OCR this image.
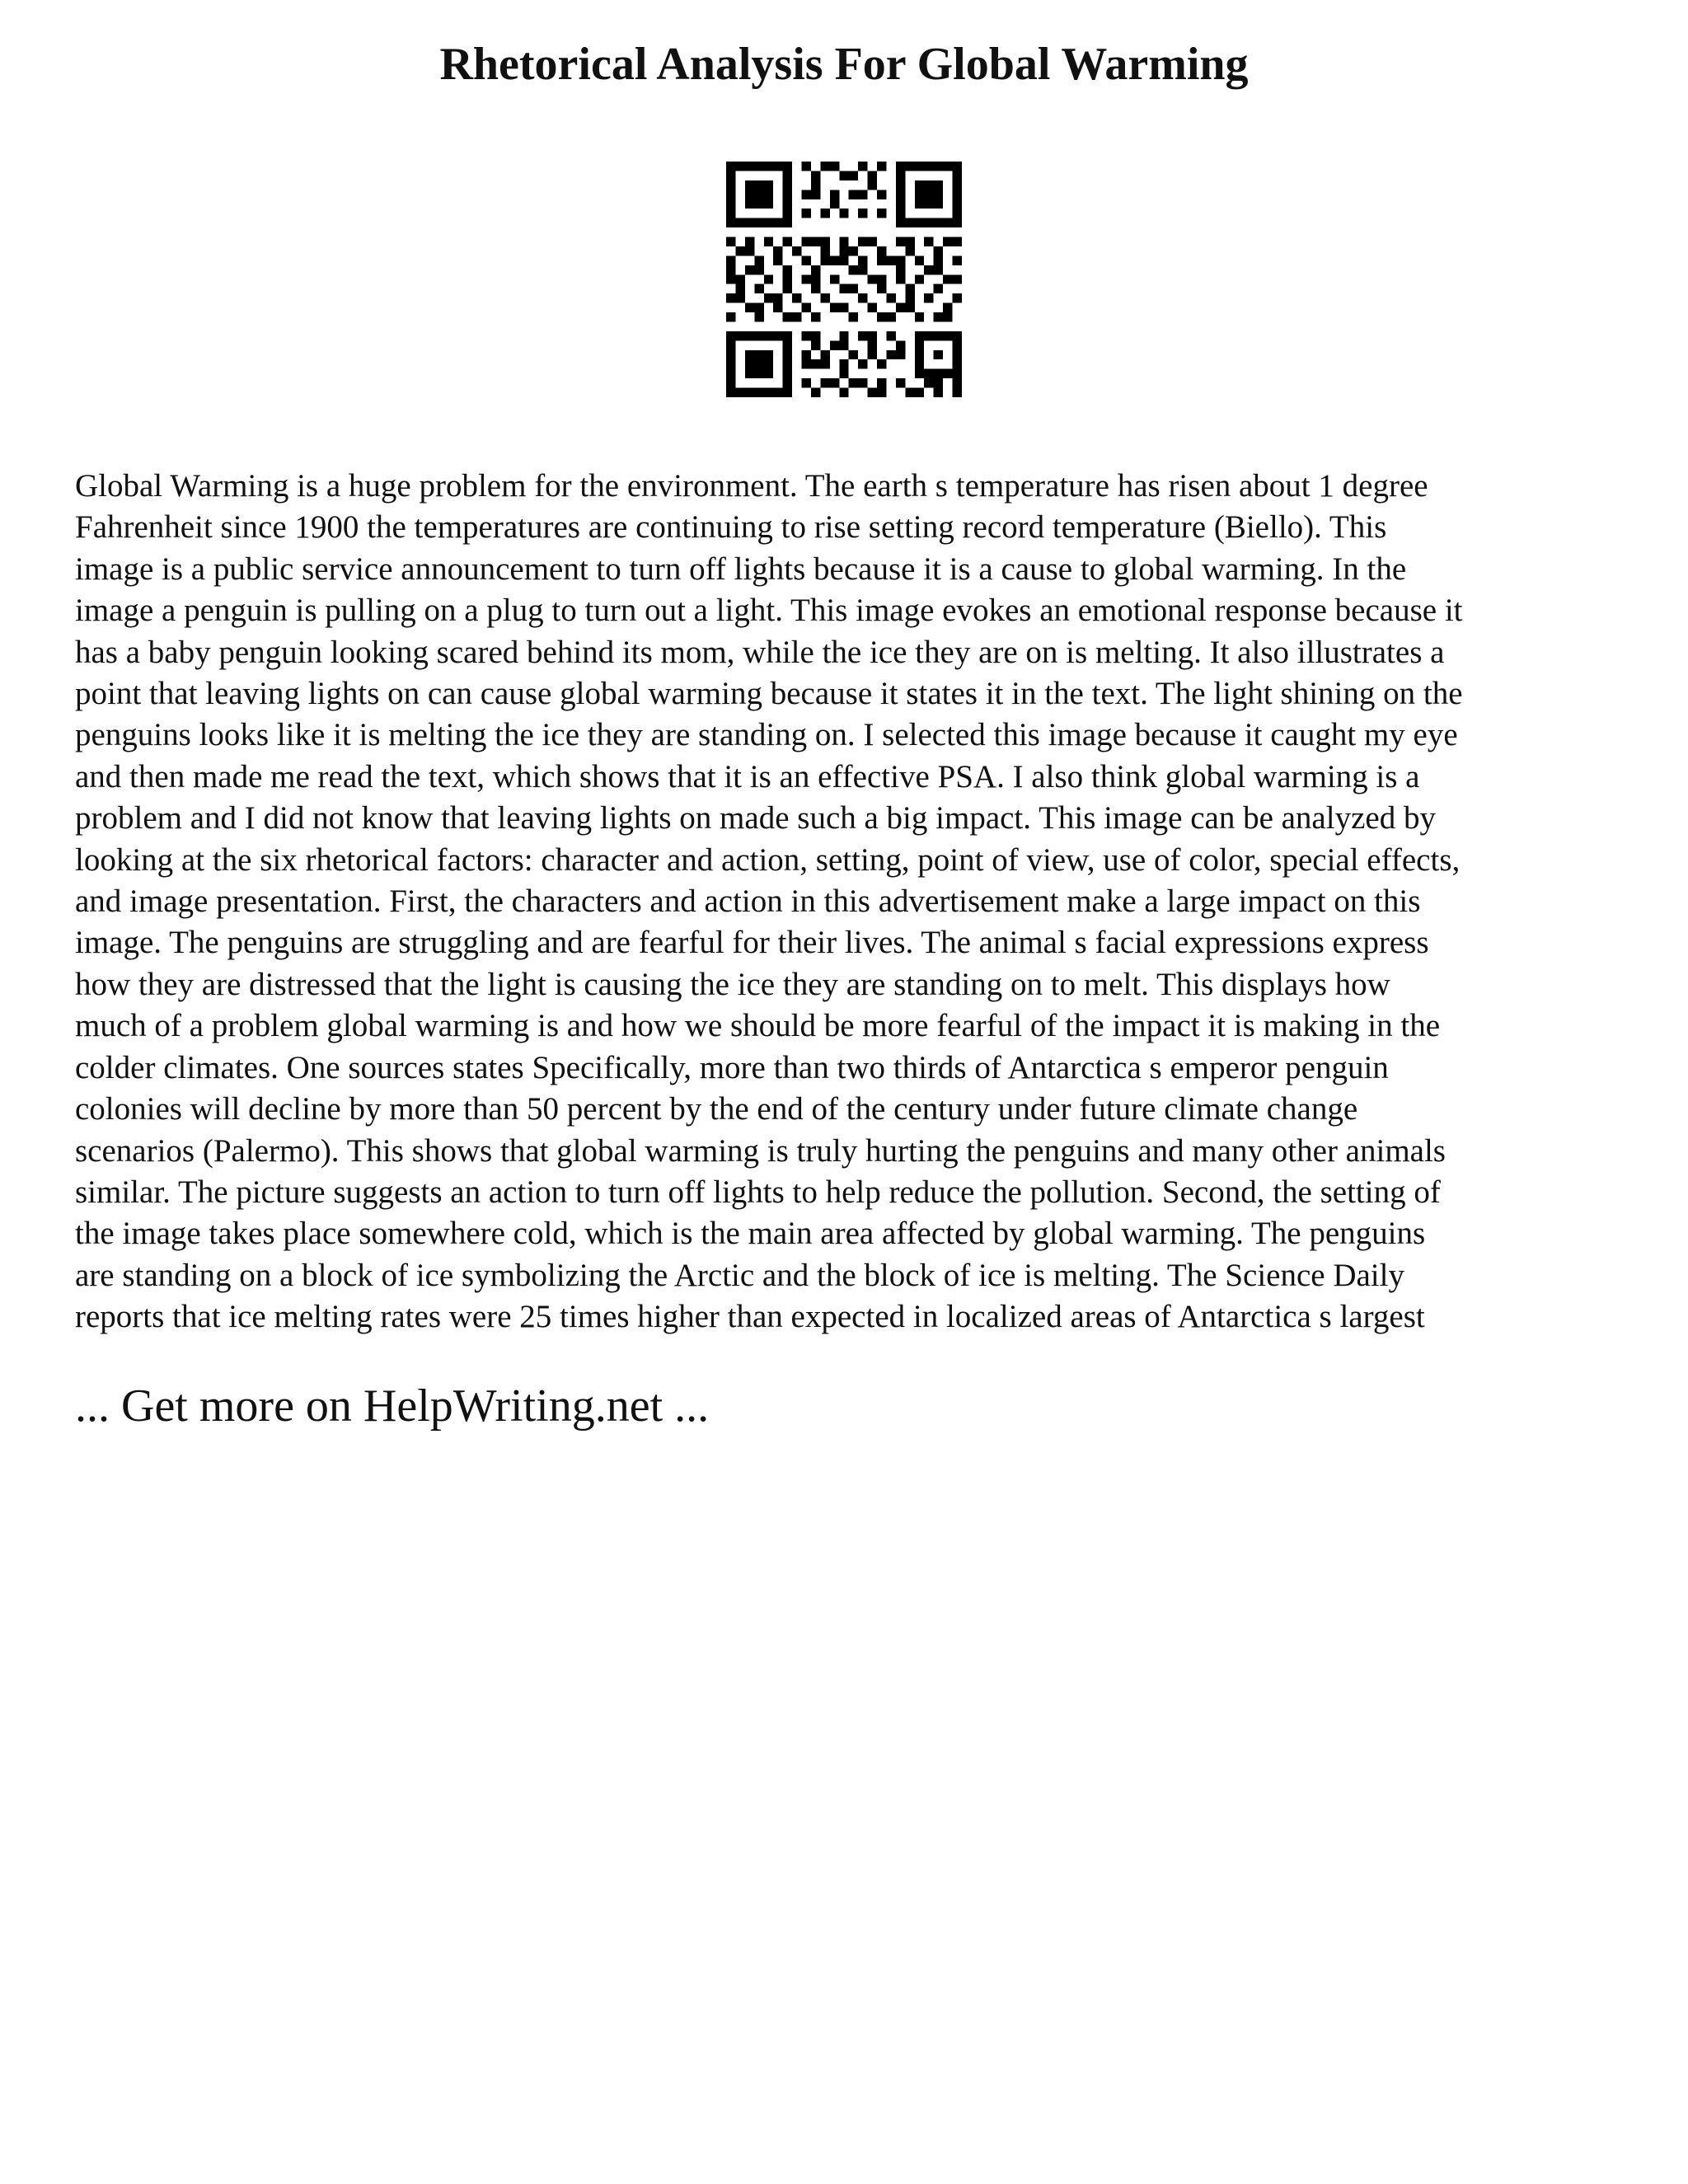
Rhetorical Analysis For Global Warming
Global Warming is a huge problem for the environment. The earth s temperature has risen about 1 degree
Fahrenheit since 1900 the temperatures are continuing to rise setting record temperature (Biello). This
image is a public service announcement to turn off lights because it is a cause to global warming. In the
image a penguin is pulling on a plug to turn out a light. This image evokes an emotional response because it
has a baby penguin looking scared behind its mom, while the ice they are on is melting. It also illustrates a
point that leaving lights on can cause global warming because it states it in the text. The light shining on the
penguins looks like it is melting the ice they are standing on. I selected this image because it caught my eye
and then made me read the text, which shows that it is an effective PSA. I also think global warming is a
problem and I did not know that leaving lights on made such a big impact. This image can be analyzed by
looking at the six rhetorical factors: character and action, setting, point of view, use of color, special effects,
and image presentation. First, the characters and action in this advertisement make a large impact on this
image. The penguins are struggling and are fearful for their lives. The animal s facial expressions express
how they are distressed that the light is causing the ice they are standing on to melt. This displays how
much of a problem global warming is and how we should be more fearful of the impact it is making in the
colder climates. One sources states Specifically, more than two thirds of Antarctica s emperor penguin
colonies will decline by more than 50 percent by the end of the century under future climate change
scenarios (Palermo). This shows that global warming is truly hurting the penguins and many other animals
similar. The picture suggests an action to turn off lights to help reduce the pollution. Second, the setting of
the image takes place somewhere cold, which is the main area affected by global warming. The penguins
are standing on a block of ice symbolizing the Arctic and the block of ice is melting. The Science Daily
reports that ice melting rates were 25 times higher than expected in localized areas of Antarctica s largest
... Get more on HelpWriting.net ...
